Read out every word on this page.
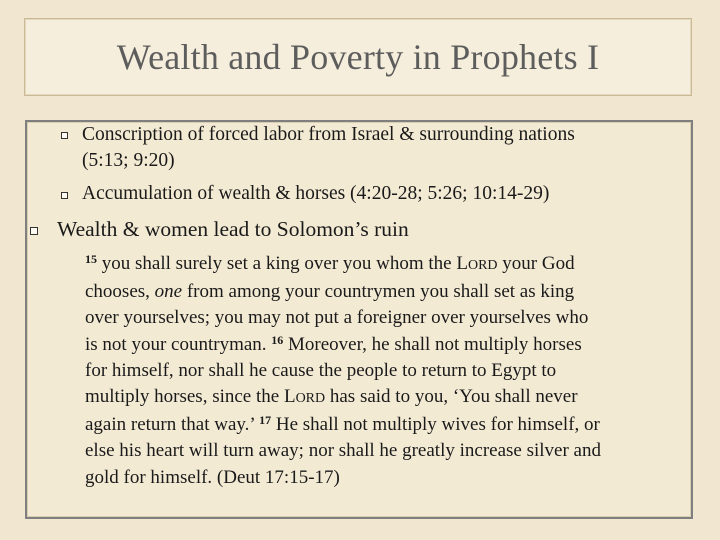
Wealth and Poverty in Prophets I
Conscription of forced labor from Israel & surrounding nations
(5:13; 9:20)
Accumulation of wealth & horses (4:20-28; 5:26; 10:14-29)
Wealth & women lead to Solomon’s ruin
$^{15}$ you shall surely set a king over you whom the LORD your God
chooses, one from among your countrymen you shall set as king
over yourselves; you may not put a foreigner over yourselves who
is not your countryman. $^{16}$ Moreover, he shall not multiply horses
for himself, nor shall he cause the people to return to Egypt to
multiply horses, since the LORD has said to you, ‘You shall never
again return that way.’ $^{17}$ He shall not multiply wives for himself, or
else his heart will turn away; nor shall he greatly increase silver and
gold for himself. (Deut 17:15-17)
